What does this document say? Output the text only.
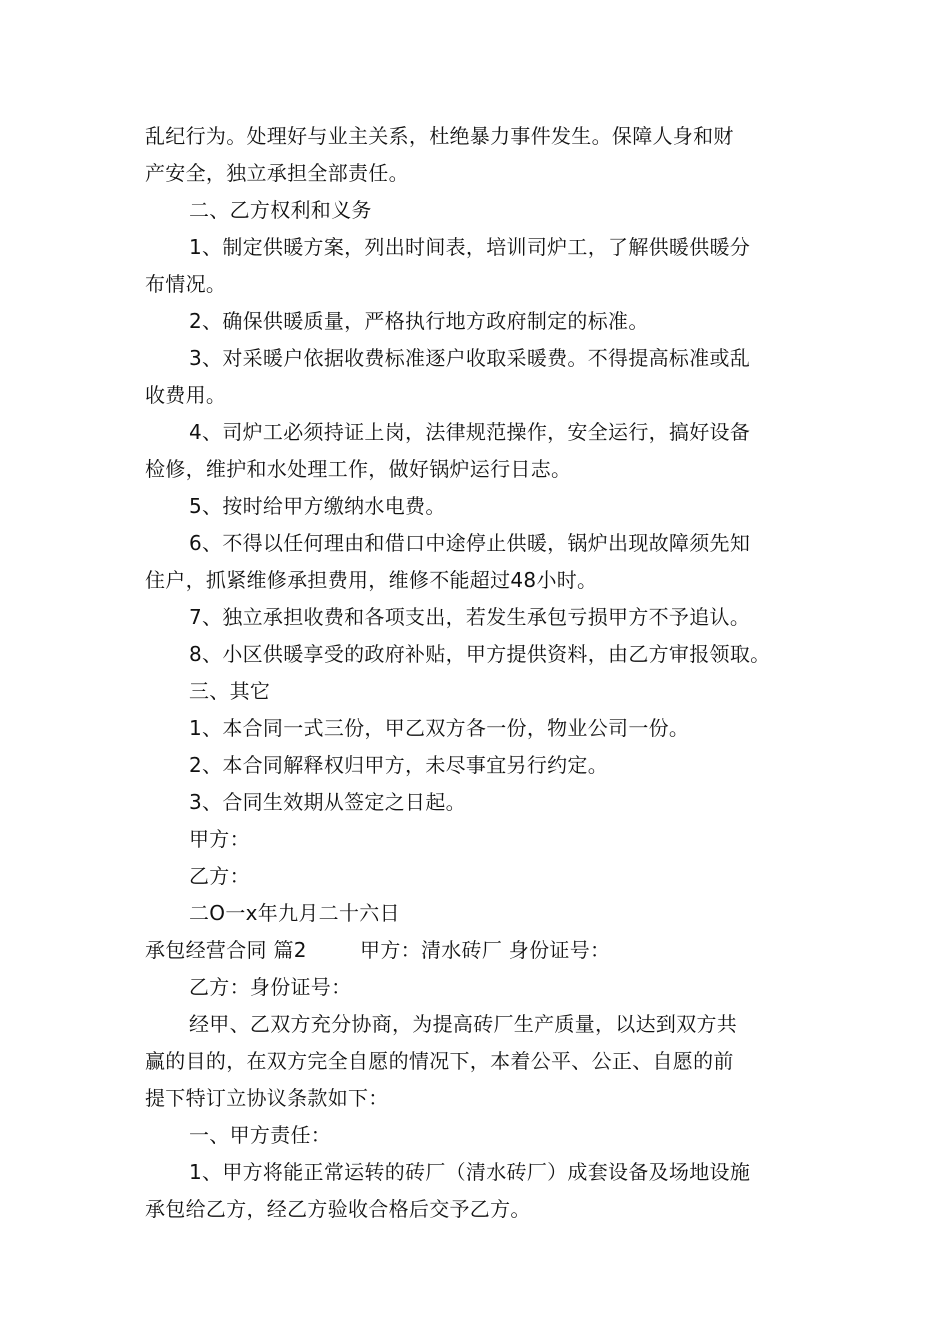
乱纪行为。处理好与业主关系，杜绝暴力事件发生。保障人身和财
产安全，独立承担全部责任。
二、乙方权利和义务
1、制定供暖方案，列出时间表，培训司炉工，了解供暖供暖分
布情况。
2、确保供暖质量，严格执行地方政府制定的标准。
3、对采暖户依据收费标准逐户收取采暖费。不得提高标准或乱
收费用。
4、司炉工必须持证上岗，法律规范操作，安全运行，搞好设备
检修，维护和水处理工作，做好锅炉运行日志。
5、按时给甲方缴纳水电费。
6、不得以任何理由和借口中途停止供暖，锅炉出现故障须先知
住户，抓紧维修承担费用，维修不能超过48小时。
7、独立承担收费和各项支出，若发生承包亏损甲方不予追认。
8、小区供暖享受的政府补贴，甲方提供资料，由乙方审报领取。
三、其它
1、本合同一式三份，甲乙双方各一份，物业公司一份。
2、本合同解释权归甲方，未尽事宜另行约定。
3、合同生效期从签定之日起。
甲方：
乙方：
二O一x年九月二十六日
承包经营合同 篇2        甲方：清水砖厂 身份证号：
乙方：身份证号：
经甲、乙双方充分协商，为提高砖厂生产质量，以达到双方共
赢的目的，在双方完全自愿的情况下，本着公平、公正、自愿的前
提下特订立协议条款如下：
一、甲方责任：
1、甲方将能正常运转的砖厂（清水砖厂）成套设备及场地设施
承包给乙方，经乙方验收合格后交予乙方。
